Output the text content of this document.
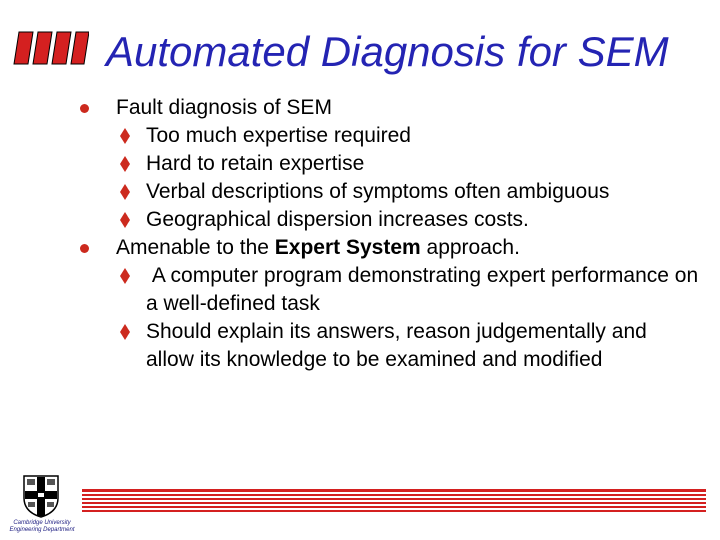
Automated Diagnosis for SEM
Fault diagnosis of SEM
Too much expertise required
Hard to retain expertise
Verbal descriptions of symptoms often ambiguous
Geographical dispersion increases costs.
Amenable to the Expert System approach.
A computer program demonstrating expert performance on a well-defined task
Should explain its answers, reason judgementally and allow its knowledge to be examined and modified
Cambridge University
Engineering Department
